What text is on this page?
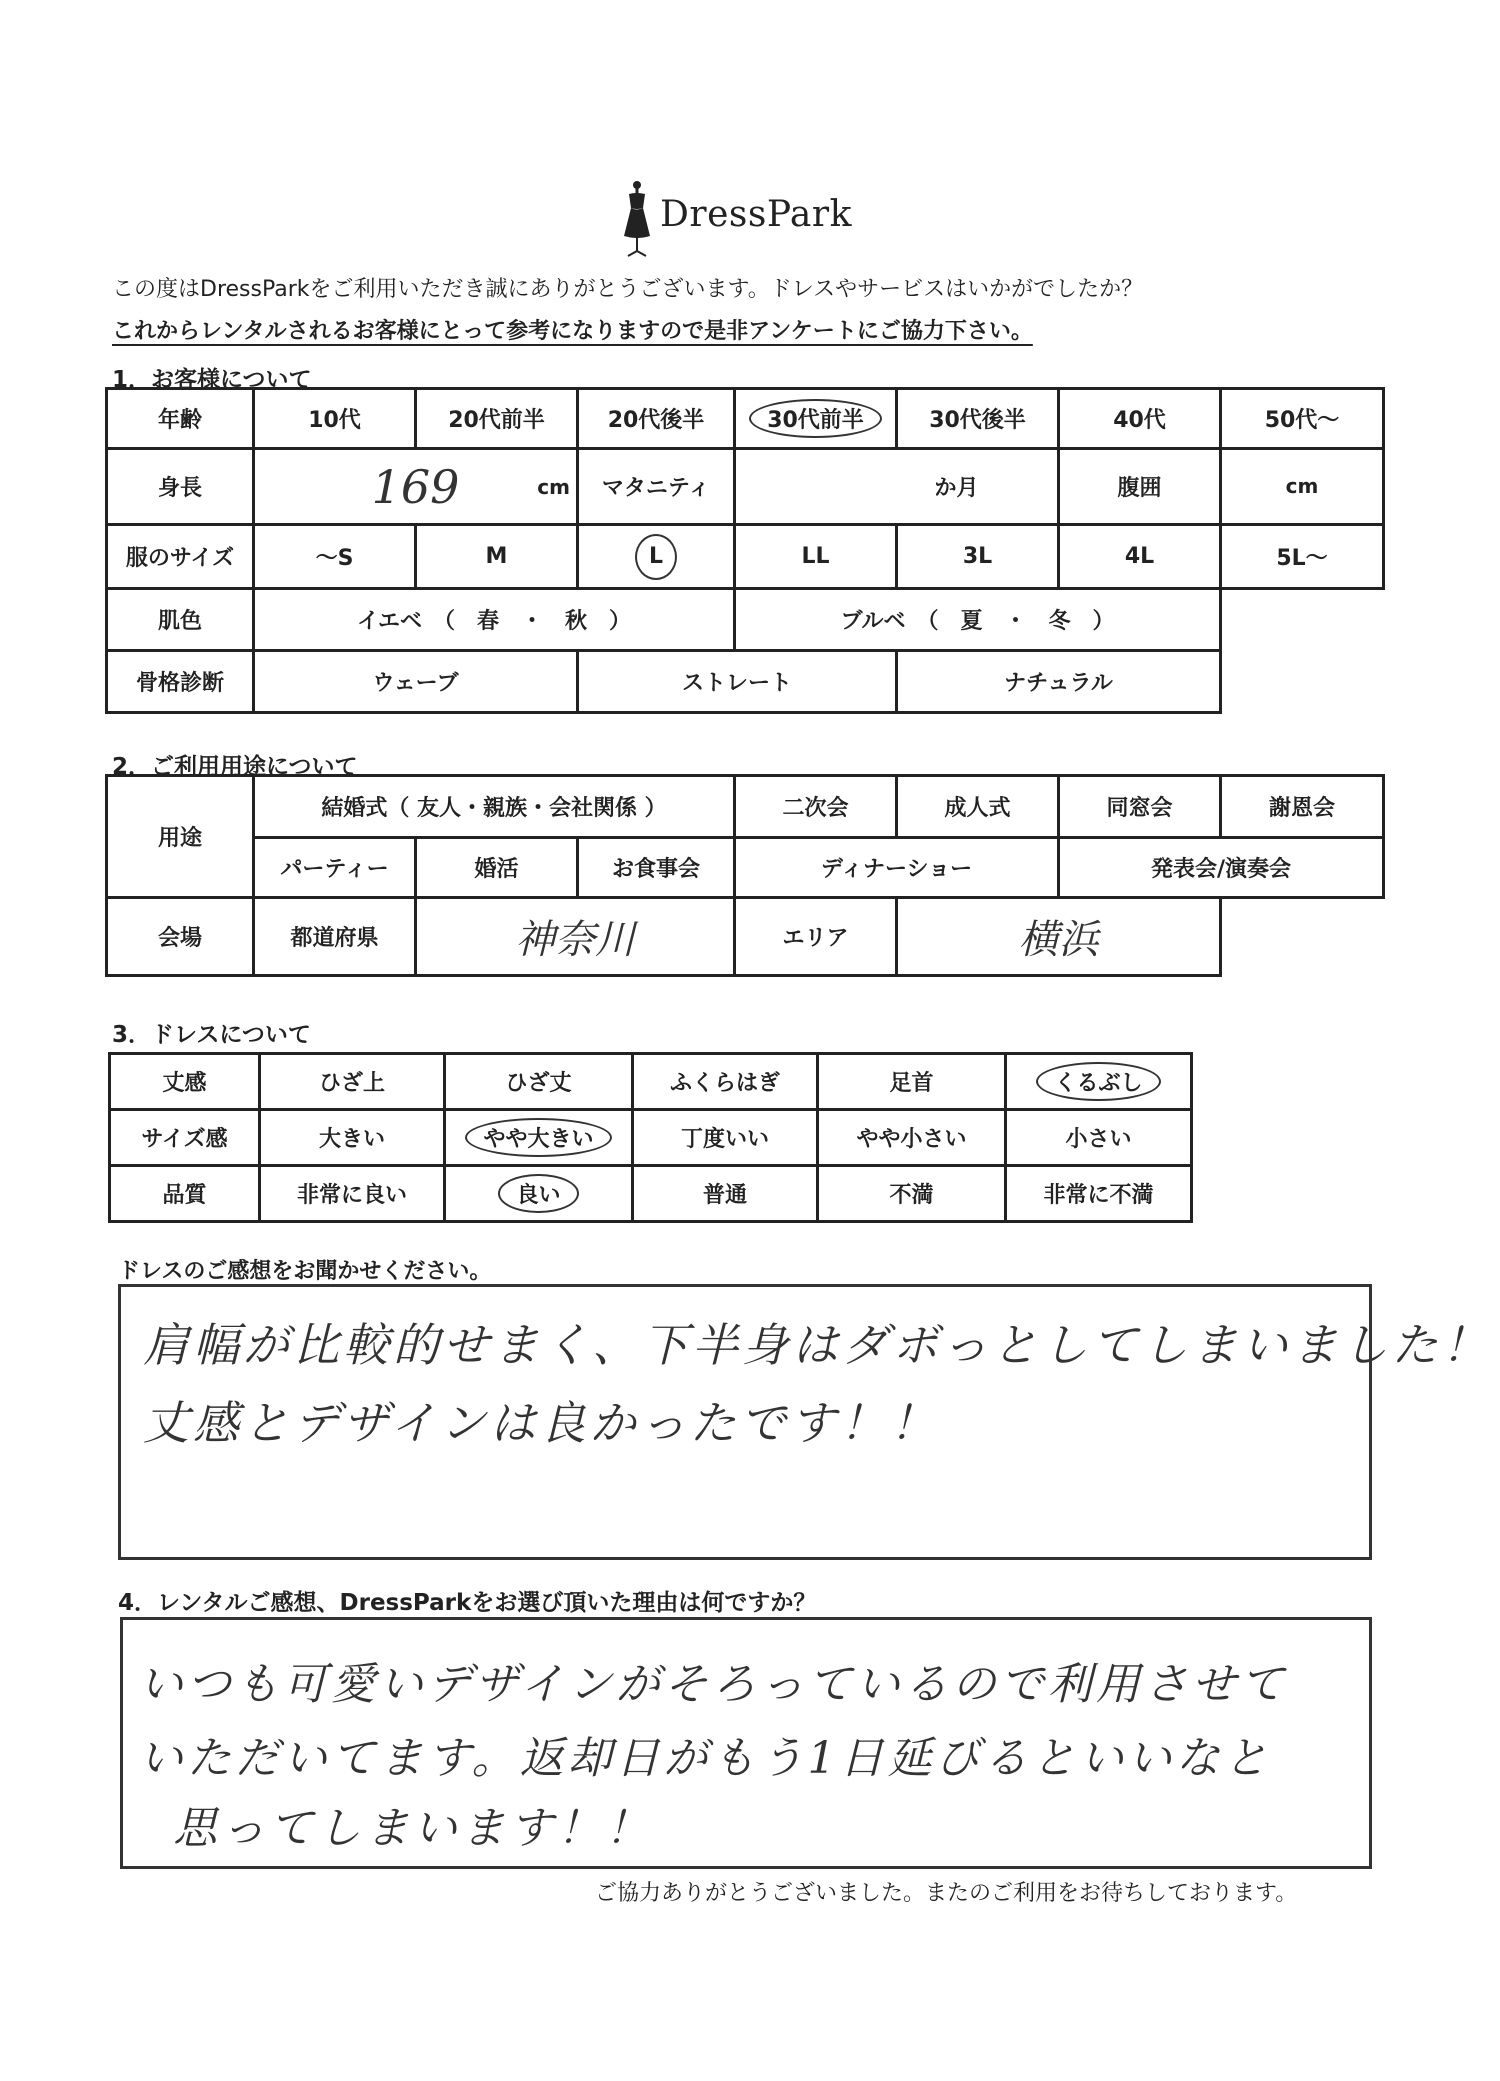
DressPark
この度はDressParkをご利用いただき誠にありがとうございます。ドレスやサービスはいかがでしたか？
これからレンタルされるお客様にとって参考になりますので是非アンケートにご協力下さい。
1．お客様について
年齢	10代	20代前半	20代後半	30代前半	30代後半	40代	50代～
身長	169 cm		マタニティ	か月		腹囲	cm
服のサイズ	～S	M	L	LL	3L	4L	5L～
肌色	イエベ　（　春　・　秋　）			ブルベ　（　夏　・　冬　）			
骨格診断	ウェーブ		ストレート		ナチュラル		
2．ご利用用途について
用途	結婚式（ 友人・親族・会社関係 ）			二次会	成人式	同窓会	謝恩会
	パーティー	婚活	お食事会	ディナーショー		発表会/演奏会	
会場	都道府県	神奈川		エリア	横浜		
3．ドレスについて
丈感	ひざ上	ひざ丈	ふくらはぎ	足首	くるぶし
サイズ感	大きい	やや大きい	丁度いい	やや小さい	小さい
品質	非常に良い	良い	普通	不満	非常に不満
ドレスのご感想をお聞かせください。
肩幅が比較的せまく、下半身はダボっとしてしまいました！
丈感とデザインは良かったです！！
4．レンタルご感想、DressParkをお選び頂いた理由は何ですか？
いつも可愛いデザインがそろっているので利用させて
いただいてます。返却日がもう1日延びるといいなと
思ってしまいます！！
ご協力ありがとうございました。またのご利用をお待ちしております。
